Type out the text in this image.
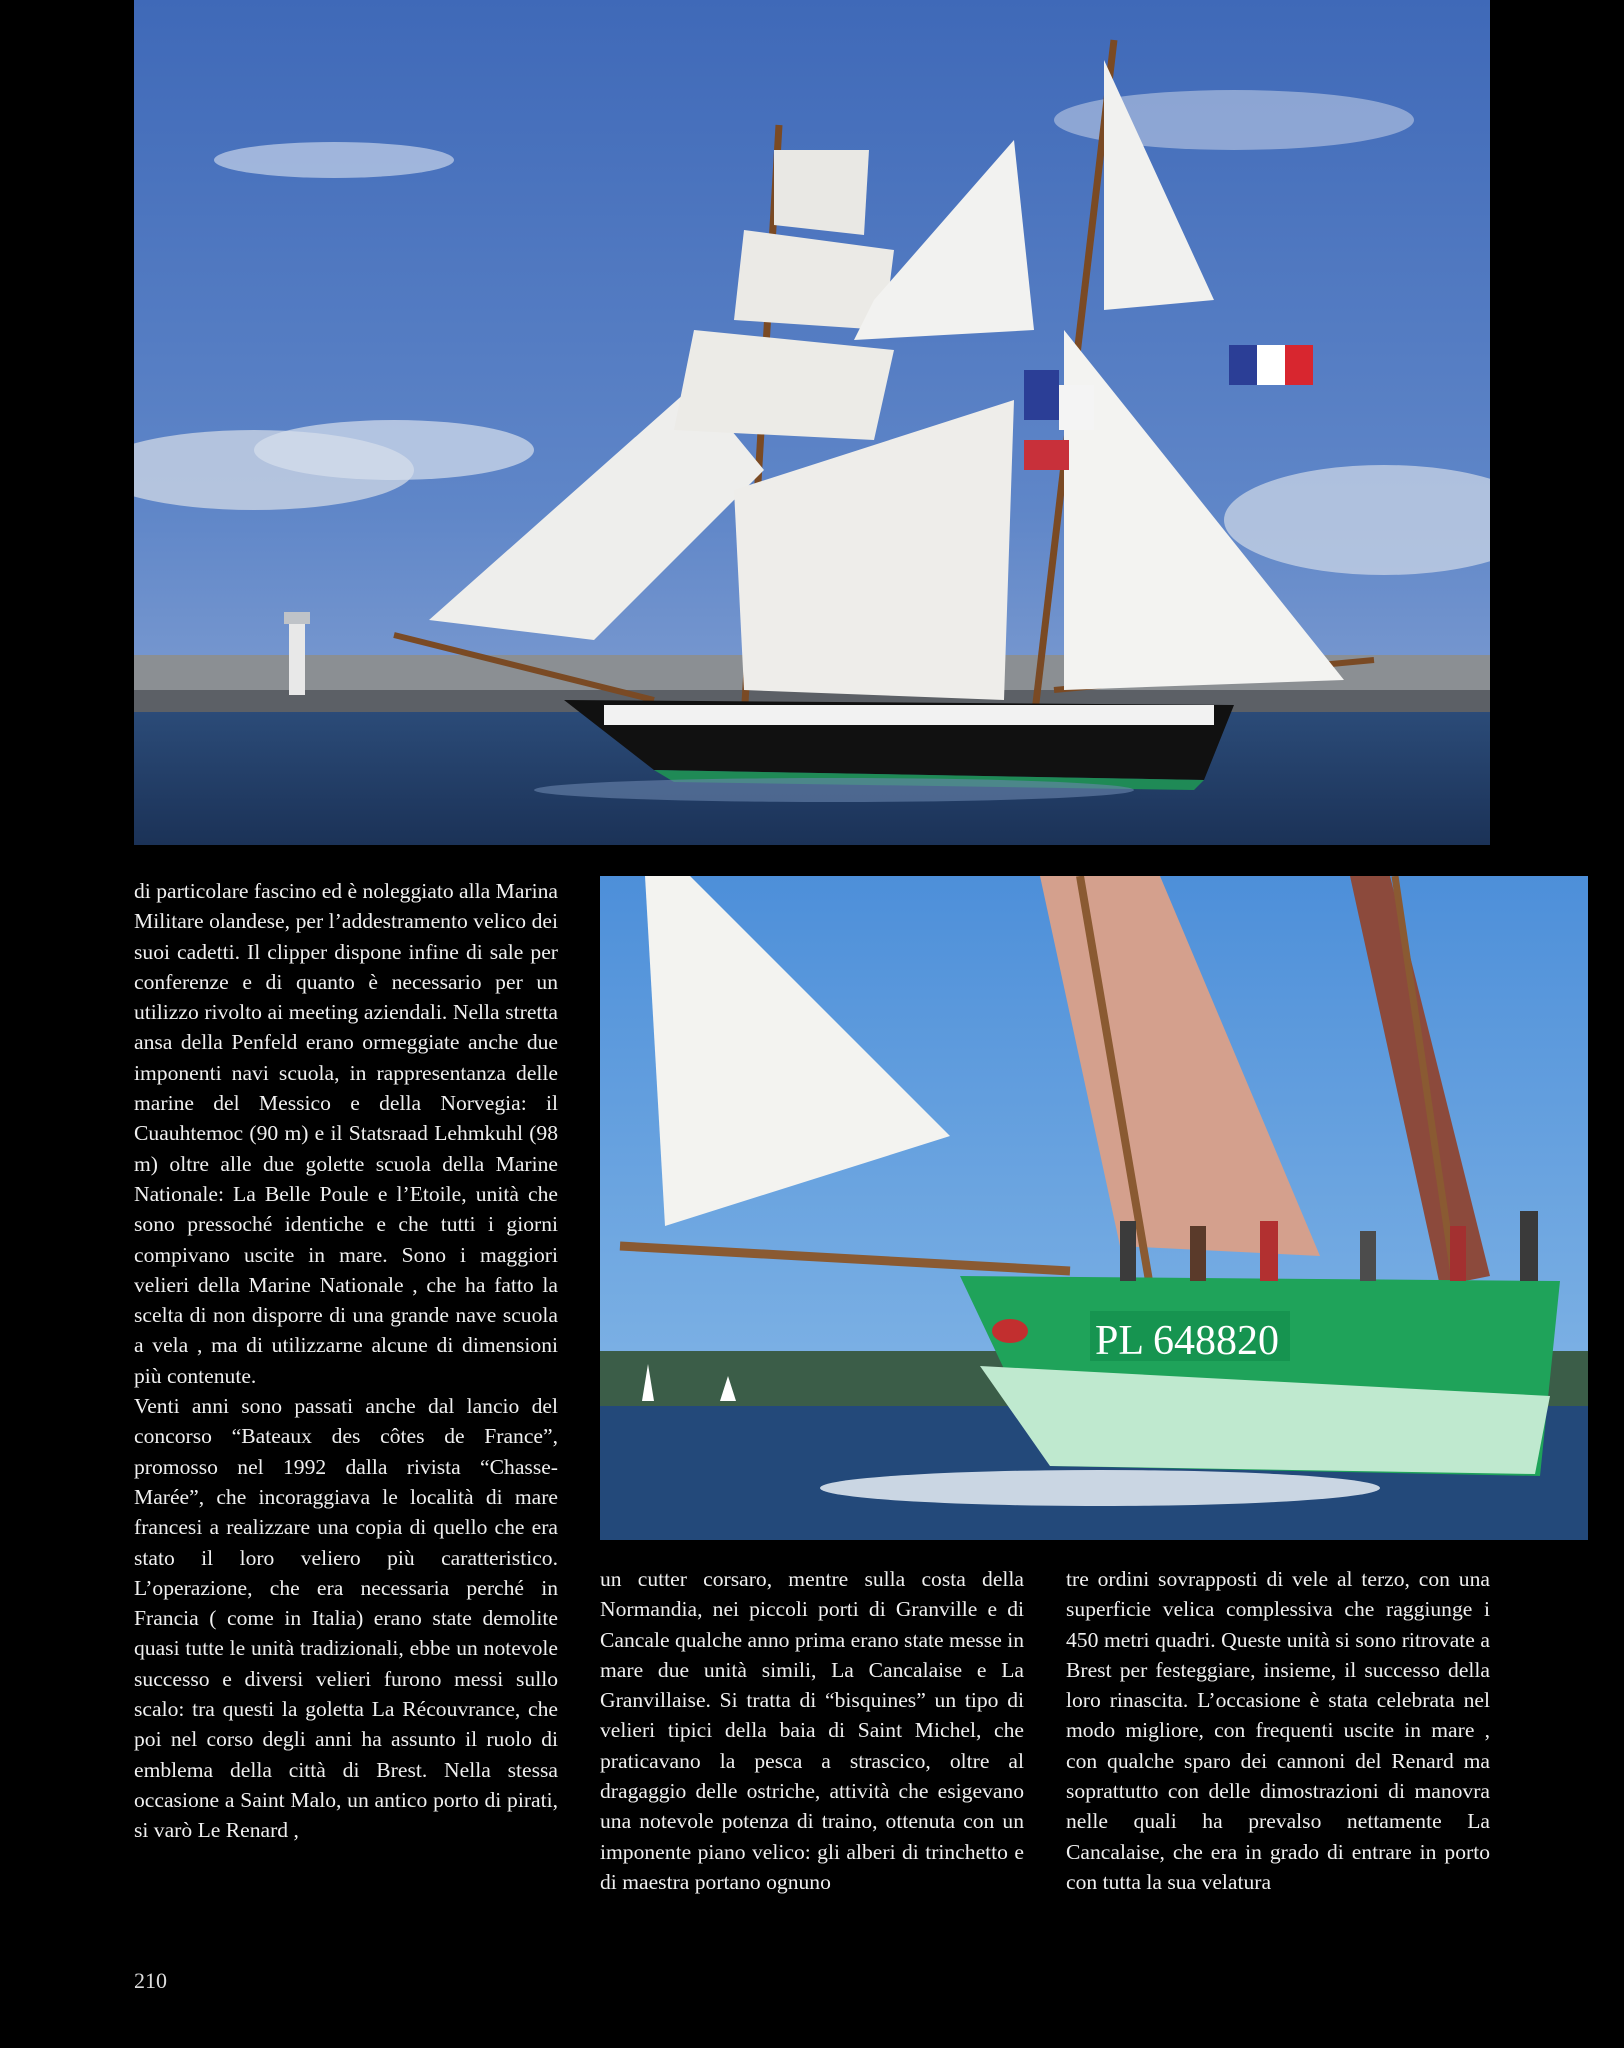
PL 648820

di particolare fascino ed è noleggiato alla Marina Militare olandese, per l’addestramento velico dei suoi cadetti. Il clipper dispone infine di sale per conferenze e di quanto è necessario per un utilizzo rivolto ai meeting aziendali. Nella stretta ansa della Penfeld erano ormeggiate anche due imponenti navi scuola, in rappresentanza delle marine del Messico e della Norvegia: il Cuauhtemoc (90 m) e il Statsraad Lehmkuhl (98 m) oltre alle due golette scuola della Marine Nationale: La Belle Poule e l’Etoile, unità che sono pressoché identiche e che tutti i giorni compivano uscite in mare. Sono i maggiori velieri della Marine Nationale , che ha fatto la scelta di non disporre di una grande nave scuola a vela , ma di utilizzarne alcune di dimensioni più contenute.

Venti anni sono passati anche dal lancio del concorso “Bateaux des côtes de France”, promosso nel 1992 dalla rivista “Chasse-Marée”, che incoraggiava le località di mare francesi a realizzare una copia di quello che era stato il loro veliero più caratteristico. L’operazione, che era necessaria perché in Francia ( come in Italia) erano state demolite quasi tutte le unità tradizionali, ebbe un notevole successo e diversi velieri furono messi sullo scalo: tra questi la goletta La Récouvrance, che poi nel corso degli anni ha assunto il ruolo di emblema della città di Brest. Nella stessa occasione a Saint Malo, un antico porto di pirati, si varò Le Renard ,

un cutter corsaro, mentre sulla costa della Normandia, nei piccoli porti di Granville e di Cancale qualche anno prima erano state messe in mare due unità simili, La Cancalaise e La Granvillaise. Si tratta di “bisquines” un tipo di velieri tipici della baia di Saint Michel, che praticavano la pesca a strascico, oltre al dragaggio delle ostriche, attività che esigevano una notevole potenza di traino, ottenuta con un imponente piano velico: gli alberi di trinchetto e di maestra portano ognuno

tre ordini sovrapposti di vele al terzo, con una superficie velica complessiva che raggiunge i 450 metri quadri. Queste unità si sono ritrovate a Brest per festeggiare, insieme, il successo della loro rinascita. L’occasione è stata celebrata nel modo migliore, con frequenti uscite in mare , con qualche sparo dei cannoni del Renard ma soprattutto con delle dimostrazioni di manovra nelle quali ha prevalso nettamente La Cancalaise, che era in grado di entrare in porto con tutta la sua velatura

210
